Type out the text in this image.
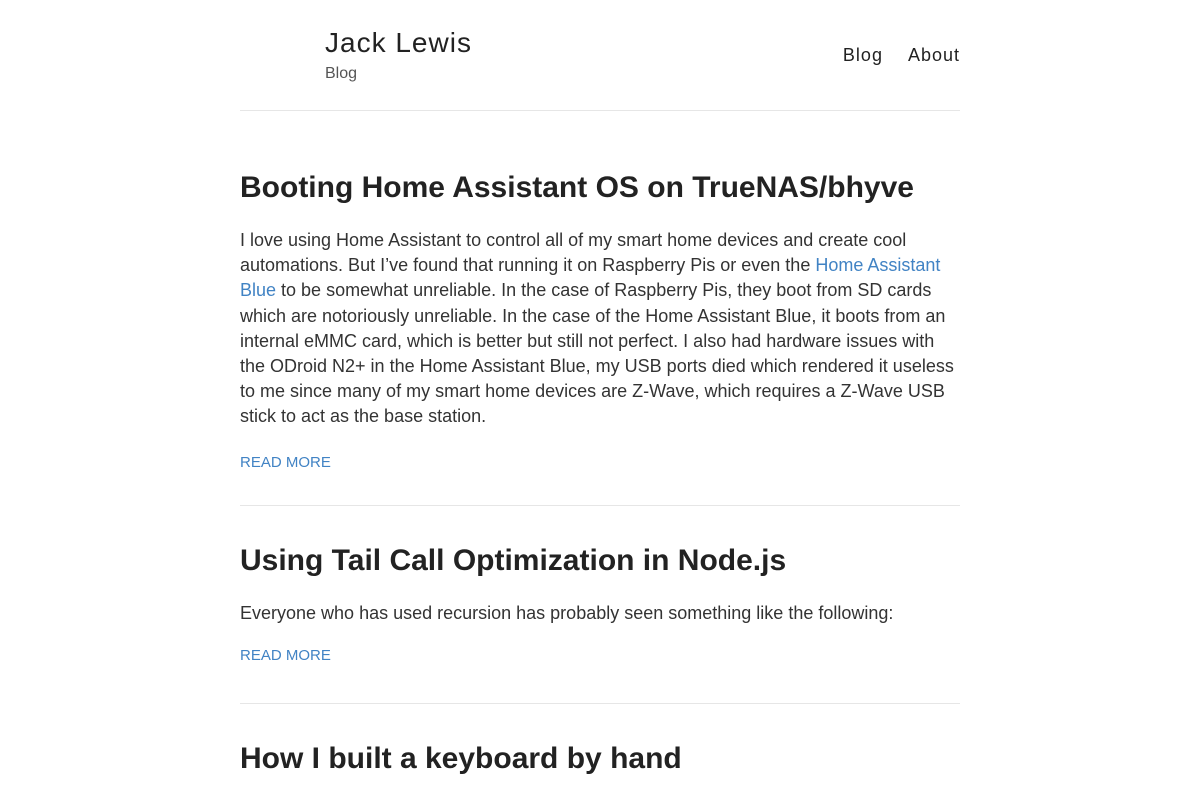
Jack Lewis
Blog
Blog About
Booting Home Assistant OS on TrueNAS/bhyve

I love using Home Assistant to control all of my smart home devices and create cool automations. But I’ve found that running it on Raspberry Pis or even the Home Assistant Blue to be somewhat unreliable. In the case of Raspberry Pis, they boot from SD cards which are notoriously unreliable. In the case of the Home Assistant Blue, it boots from an internal eMMC card, which is better but still not perfect. I also had hardware issues with the ODroid N2+ in the Home Assistant Blue, my USB ports died which rendered it useless to me since many of my smart home devices are Z-Wave, which requires a Z-Wave USB stick to act as the base station.

READ MORE
Using Tail Call Optimization in Node.js

Everyone who has used recursion has probably seen something like the following:

READ MORE
How I built a keyboard by hand
